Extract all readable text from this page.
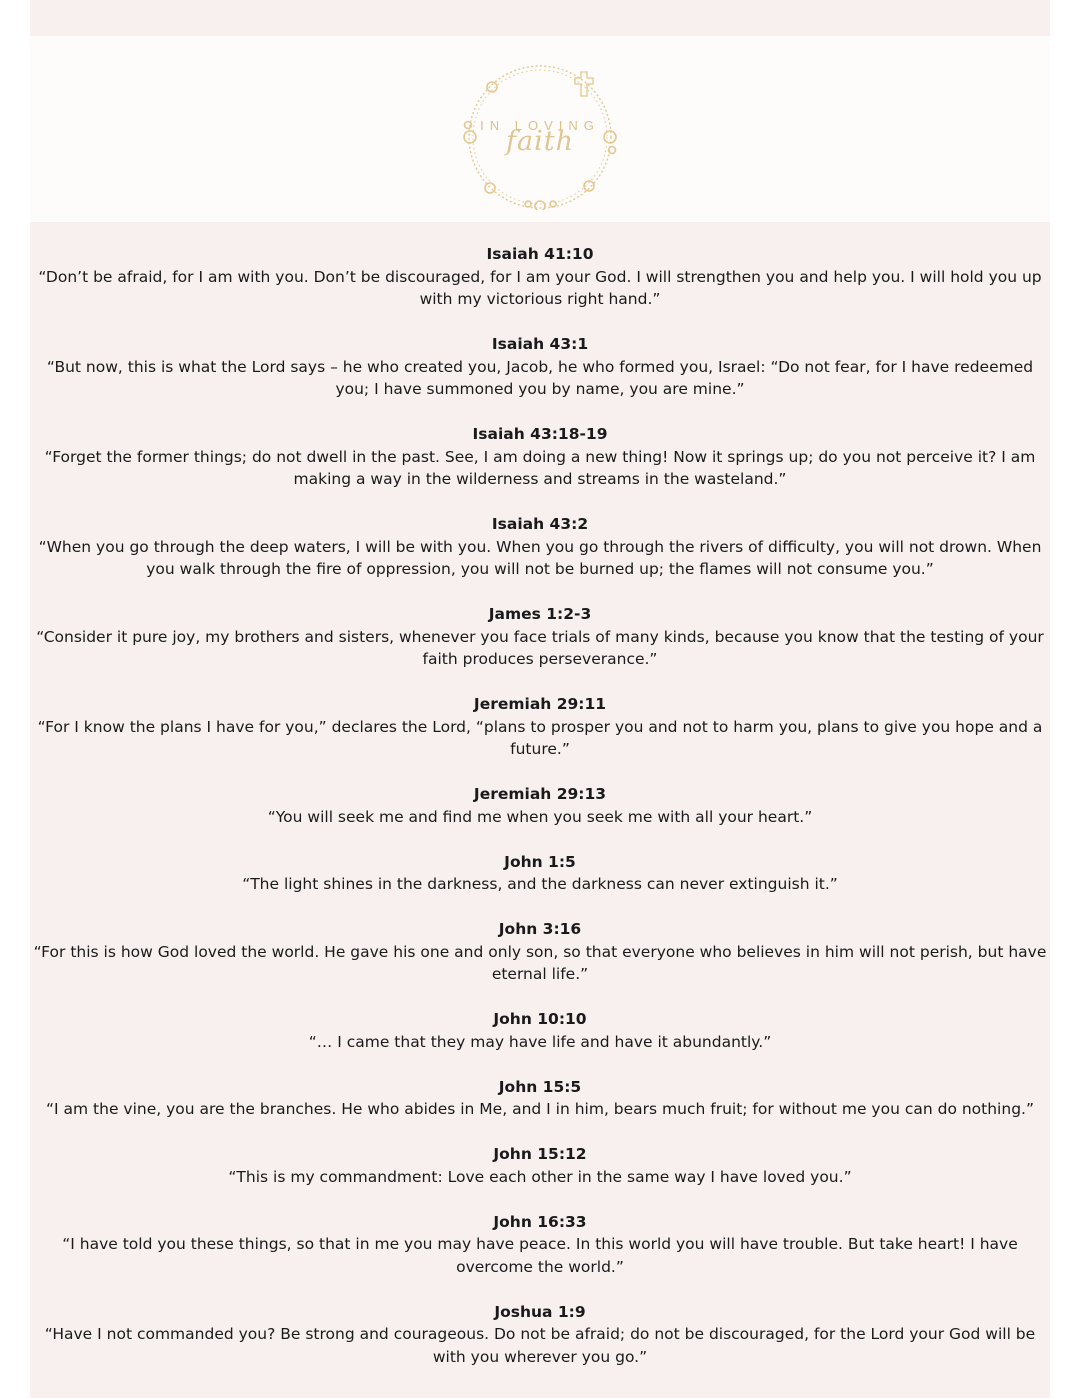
IN LOVING
faith

Isaiah 41:10

“Don’t be afraid, for I am with you. Don’t be discouraged, for I am your God. I will strengthen you and help you. I will hold you up with my victorious right hand.”

Isaiah 43:1

“But now, this is what the Lord says – he who created you, Jacob, he who formed you, Israel: “Do not fear, for I have redeemed you; I have summoned you by name, you are mine.”

Isaiah 43:18-19

“Forget the former things; do not dwell in the past. See, I am doing a new thing! Now it springs up; do you not perceive it? I am making a way in the wilderness and streams in the wasteland.”

Isaiah 43:2

“When you go through the deep waters, I will be with you. When you go through the rivers of difficulty, you will not drown. When you walk through the fire of oppression, you will not be burned up; the flames will not consume you.”

James 1:2-3

“Consider it pure joy, my brothers and sisters, whenever you face trials of many kinds, because you know that the testing of your faith produces perseverance.”

Jeremiah 29:11

“For I know the plans I have for you,” declares the Lord, “plans to prosper you and not to harm you, plans to give you hope and a future.”

Jeremiah 29:13

“You will seek me and find me when you seek me with all your heart.”

John 1:5

“The light shines in the darkness, and the darkness can never extinguish it.”

John 3:16

“For this is how God loved the world. He gave his one and only son, so that everyone who believes in him will not perish, but have eternal life.”

John 10:10

“… I came that they may have life and have it abundantly.”

John 15:5

“I am the vine, you are the branches. He who abides in Me, and I in him, bears much fruit; for without me you can do nothing.”

John 15:12

“This is my commandment: Love each other in the same way I have loved you.”

John 16:33

“I have told you these things, so that in me you may have peace. In this world you will have trouble. But take heart! I have overcome the world.”

Joshua 1:9

“Have I not commanded you? Be strong and courageous. Do not be afraid; do not be discouraged, for the Lord your God will be with you wherever you go.”
